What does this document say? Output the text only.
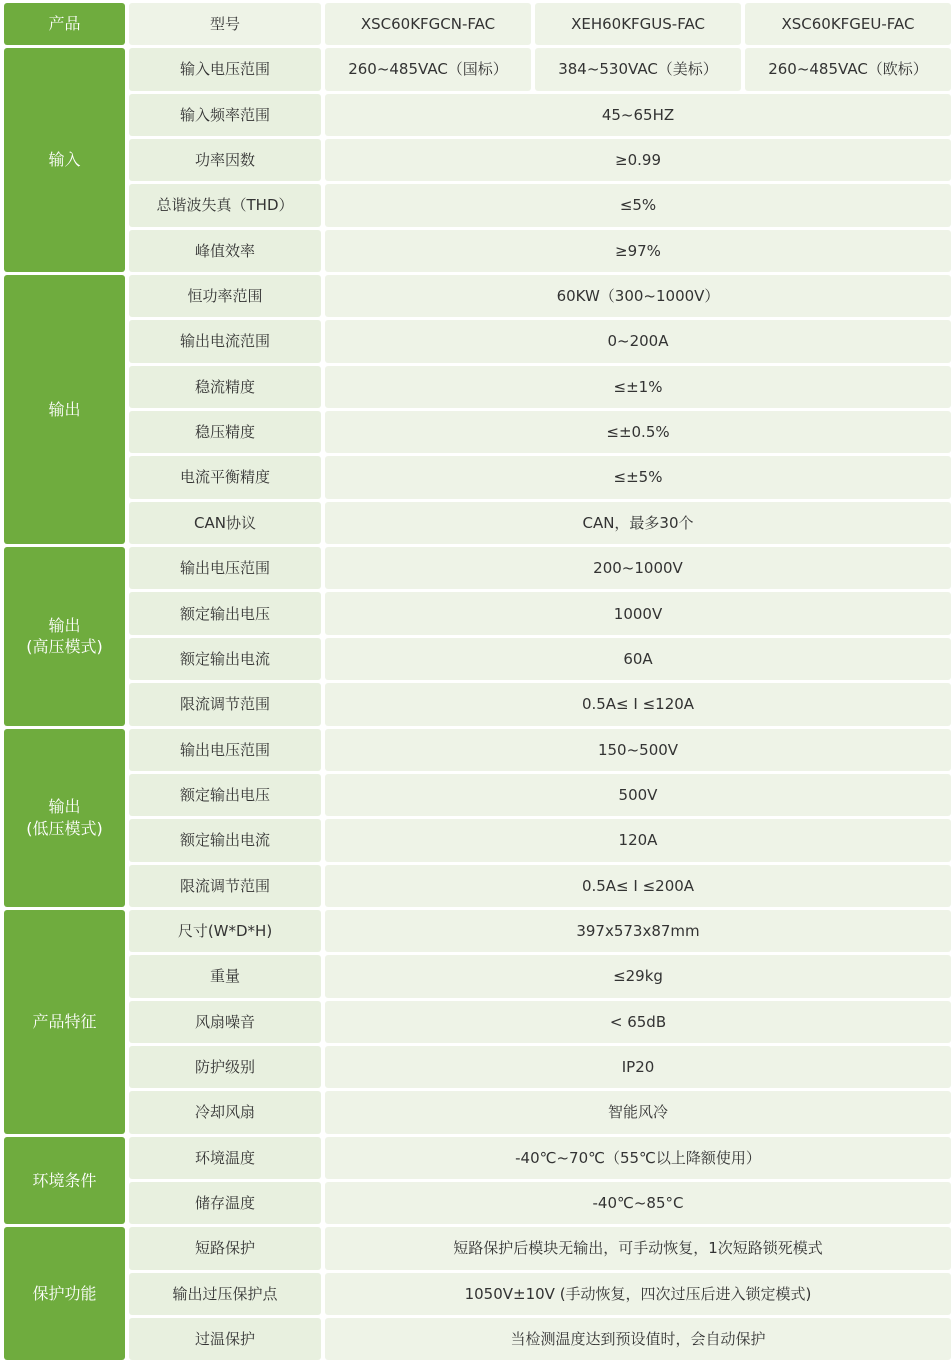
产品	型号	XSC60KFGCN-FAC	XEH60KFGUS-FAC	XSC60KFGEU-FAC
输入
输入电压范围	260~485VAC（国标）	384~530VAC（美标）	260~485VAC（欧标）
输入频率范围	45~65HZ
功率因数	≥0.99
总谐波失真（THD）	≤5%
峰值效率	≥97%
输出
恒功率范围	60KW（300~1000V）
输出电流范围	0~200A
稳流精度	≤±1%
稳压精度	≤±0.5%
电流平衡精度	≤±5%
CAN协议	CAN，最多30个
输出
(高压模式)
输出电压范围	200~1000V
额定输出电压	1000V
额定输出电流	60A
限流调节范围	0.5A≤ I ≤120A
输出
(低压模式)
输出电压范围	150~500V
额定输出电压	500V
额定输出电流	120A
限流调节范围	0.5A≤ I ≤200A
产品特征
尺寸(W*D*H)	397x573x87mm
重量	≤29kg
风扇噪音	< 65dB
防护级别	IP20
冷却风扇	智能风冷
环境条件
环境温度	-40℃~70℃（55℃以上降额使用）
储存温度	-40℃~85°C
保护功能
短路保护	短路保护后模块无输出，可手动恢复，1次短路锁死模式
输出过压保护点	1050V±10V (手动恢复，四次过压后进入锁定模式)
过温保护	当检测温度达到预设值时，会自动保护
